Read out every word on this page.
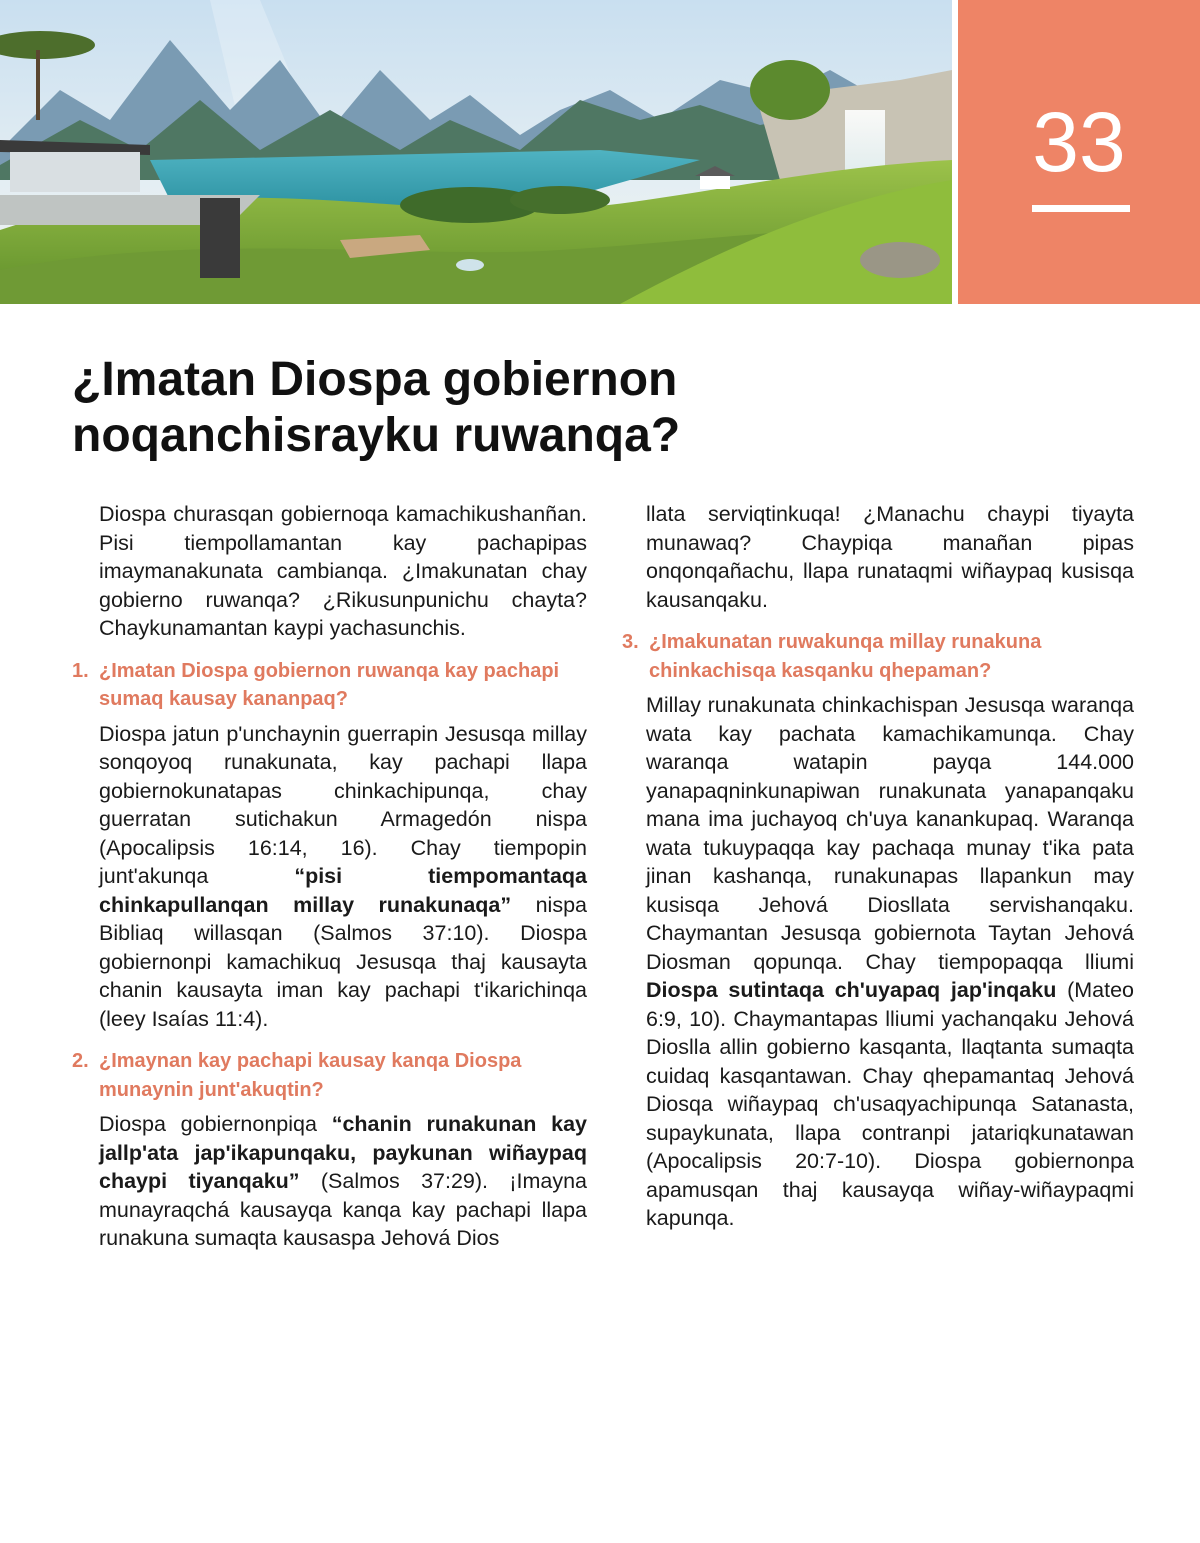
33
¿Imatan Diospa gobiernon noqanchisrayku ruwanqa?

Diospa churasqan gobiernoqa kamachikushanñan. Pisi tiempollamantan kay pachapipas imaymanakunata cambianqa. ¿Imakunatan chay gobierno ruwanqa? ¿Rikusunpunichu chayta? Chaykunamantan kaypi yachasunchis.

1. ¿Imatan Diospa gobiernon ruwanqa kay pachapi sumaq kausay kananpaq?

Diospa jatun p'unchaynin guerrapin Jesusqa millay sonqoyoq runakunata, kay pachapi llapa gobiernokunatapas chinkachipunqa, chay guerratan sutichakun Armagedón nispa (Apocalipsis 16:14, 16). Chay tiempopin junt'akunqa “pisi tiempomantaqa chinkapullanqan millay runakunaqa” nispa Bibliaq willasqan (Salmos 37:10). Diospa gobiernonpi kamachikuq Jesusqa thaj kausayta chanin kausayta iman kay pachapi t'ikarichinqa (leey Isaías 11:4).

2. ¿Imaynan kay pachapi kausay kanqa Diospa munaynin junt'akuqtin?

Diospa gobiernonpiqa “chanin runakunan kay jallp'ata jap'ikapunqaku, paykunan wiñaypaq chaypi tiyanqaku” (Salmos 37:29). ¡Imayna munayraqchá kausayqa kanqa kay pachapi llapa runakuna sumaqta kausaspa Jehová Dios

llata serviqtinkuqa! ¿Manachu chaypi tiyayta munawaq? Chaypiqa manañan pipas onqonqañachu, llapa runataqmi wiñaypaq kusisqa kausanqaku.

3. ¿Imakunatan ruwakunqa millay runakuna chinkachisqa kasqanku qhepaman?

Millay runakunata chinkachispan Jesusqa waranqa wata kay pachata kamachikamunqa. Chay waranqa watapin payqa 144.000 yanapaqninkunapiwan runakunata yanapanqaku mana ima juchayoq ch'uya kanankupaq. Waranqa wata tukuypaqqa kay pachaqa munay t'ika pata jinan kashanqa, runakunapas llapankun may kusisqa Jehová Diosllata servishanqaku. Chaymantan Jesusqa gobiernota Taytan Jehová Diosman qopunqa. Chay tiempopaqqa lliumi Diospa sutintaqa ch'uyapaq jap'inqaku (Mateo 6:9, 10). Chaymantapas lliumi yachanqaku Jehová Dioslla allin gobierno kasqanta, llaqtanta sumaqta cuidaq kasqantawan. Chay qhepamantaq Jehová Diosqa wiñaypaq ch'usaqyachipunqa Satanasta, supaykunata, llapa contranpi jatariqkunatawan (Apocalipsis 20:7-10). Diospa gobiernonpa apamusqan thaj kausayqa wiñay-wiñaypaqmi kapunqa.
